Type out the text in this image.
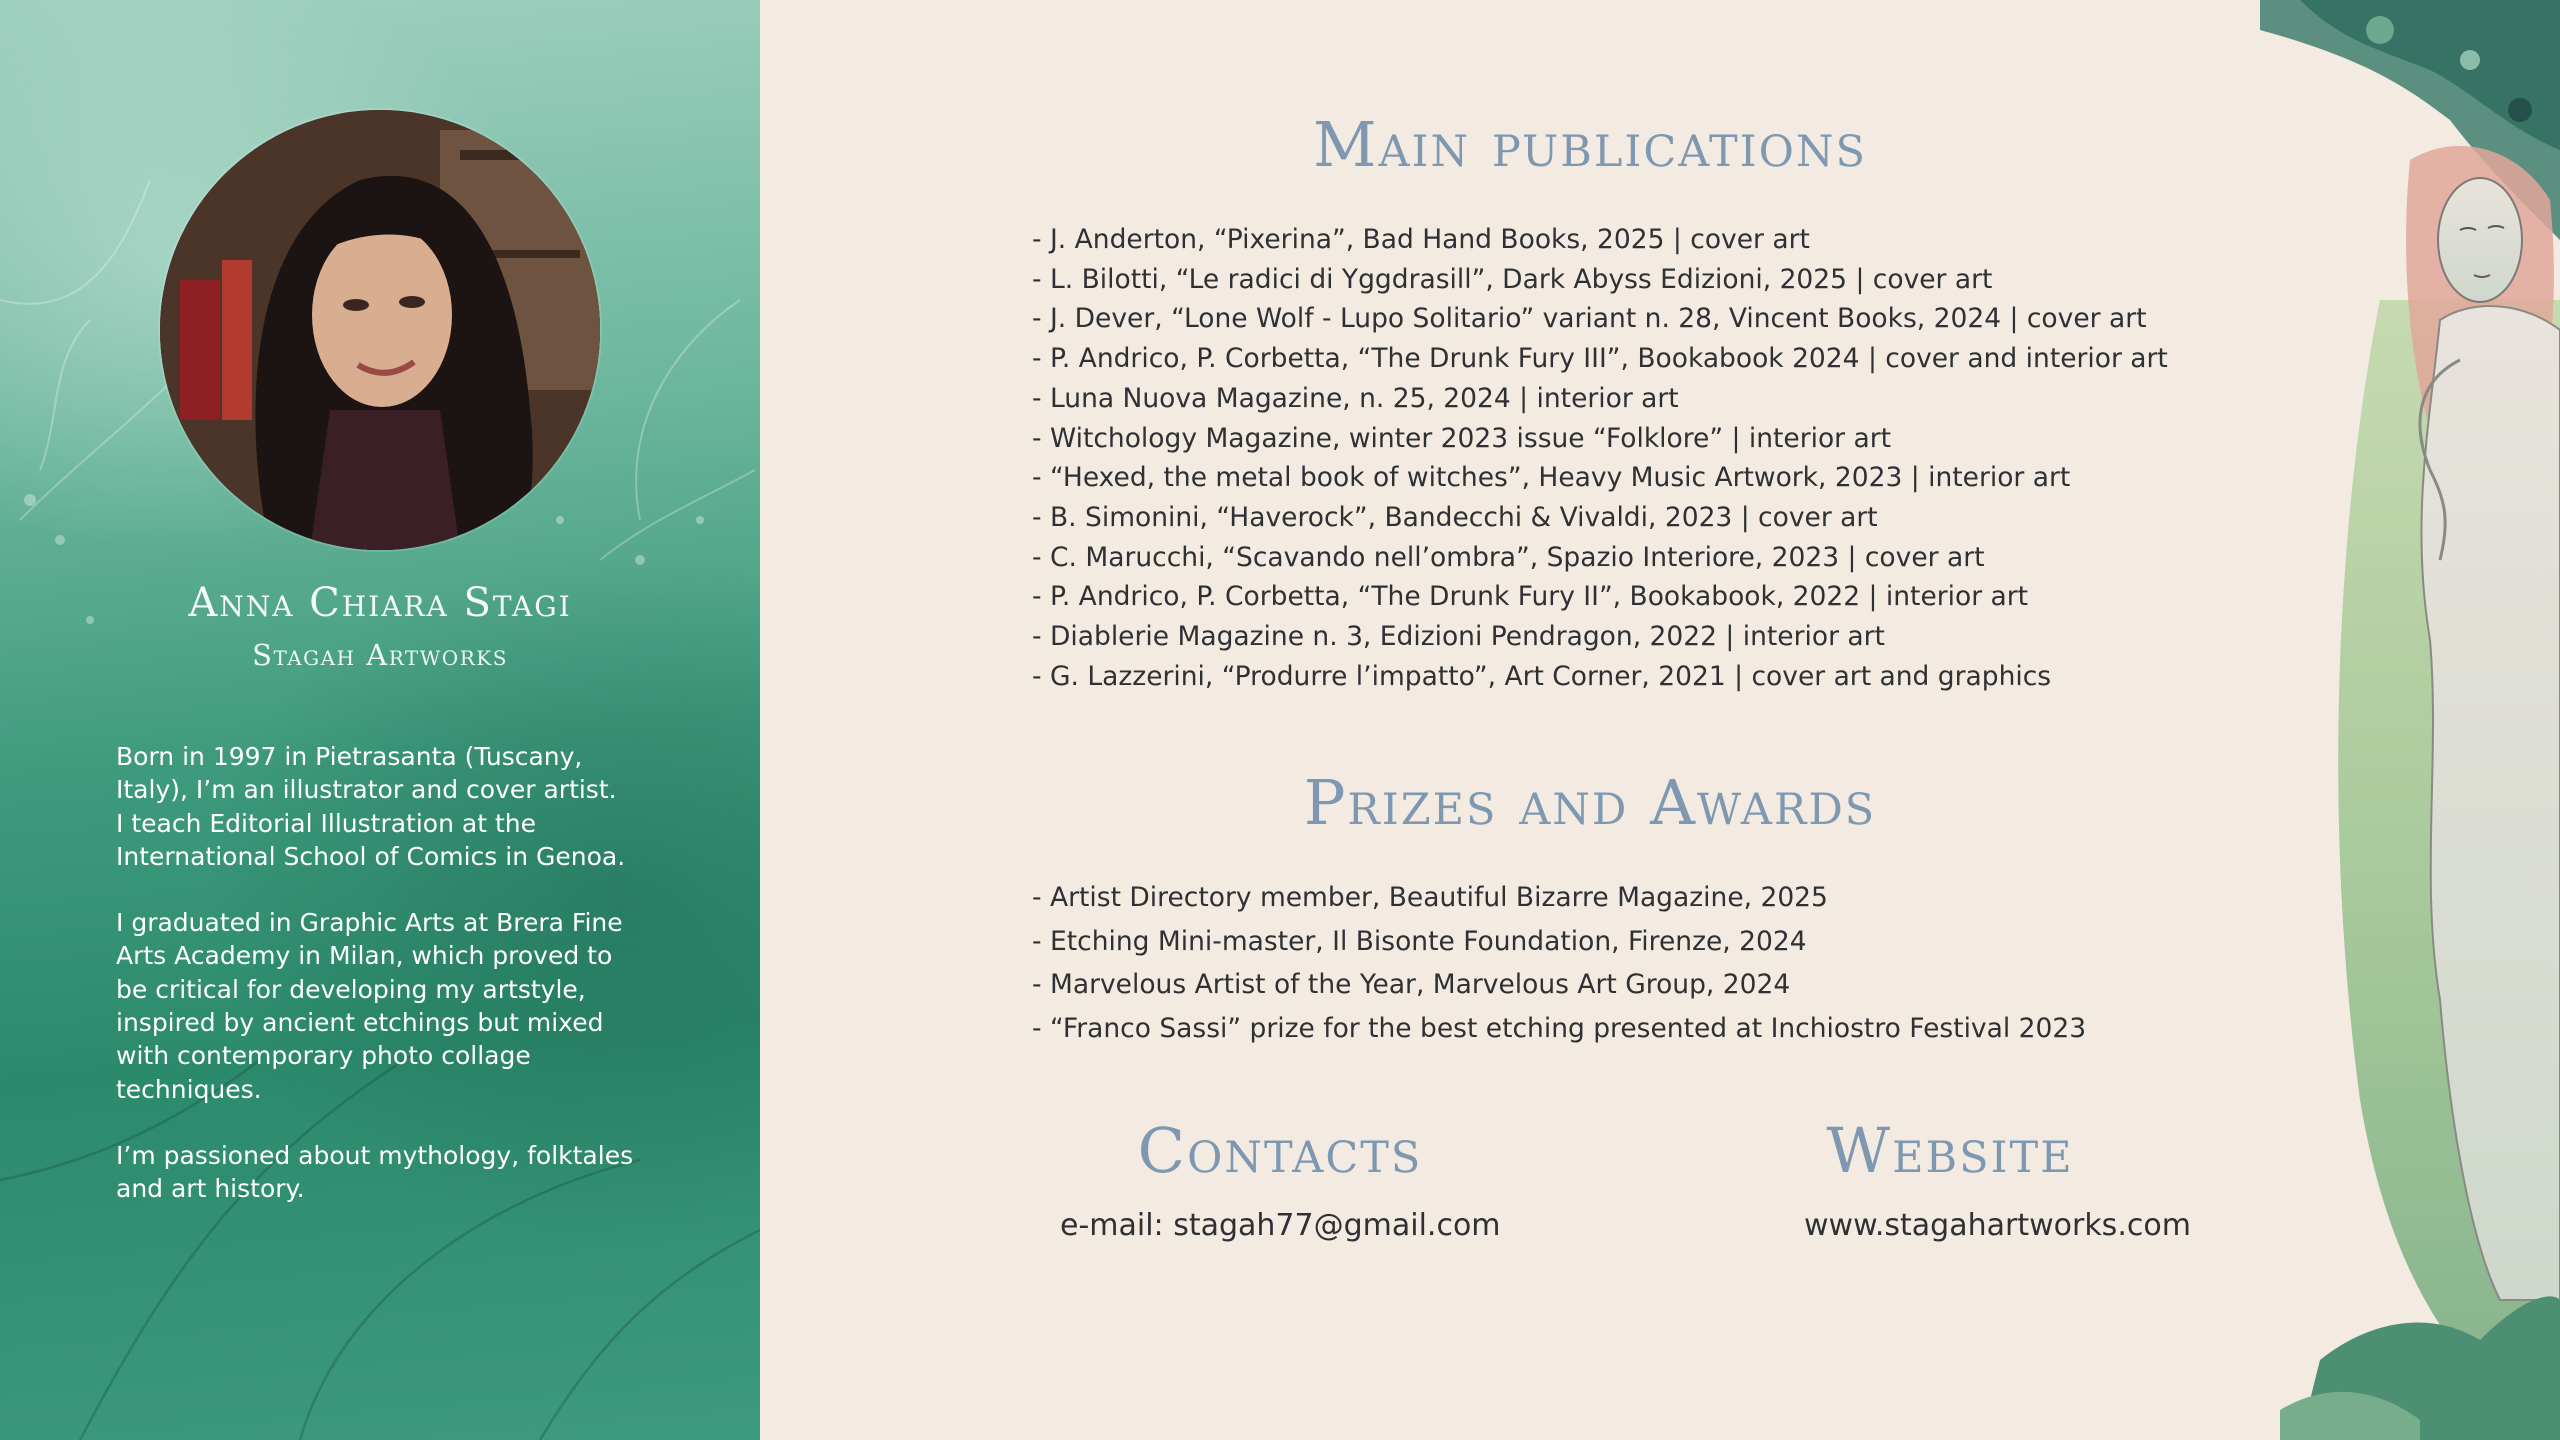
Anna Chiara Stagi
Stagah Artworks

Born in 1997 in Pietrasanta (Tuscany,
Italy), I’m an illustrator and cover artist.
I teach Editorial Illustration at the
International School of Comics in Genoa.

I graduated in Graphic Arts at Brera Fine
Arts Academy in Milan, which proved to
be critical for developing my artstyle,
inspired by ancient etchings but mixed
with contemporary photo collage
techniques.

I’m passioned about mythology, folktales
and art history.

Main publications
- J. Anderton, “Pixerina”, Bad Hand Books, 2025 | cover art
- L. Bilotti, “Le radici di Yggdrasill”, Dark Abyss Edizioni, 2025 | cover art
- J. Dever, “Lone Wolf - Lupo Solitario” variant n. 28, Vincent Books, 2024 | cover art
- P. Andrico, P. Corbetta, “The Drunk Fury III”, Bookabook 2024 | cover and interior art
- Luna Nuova Magazine, n. 25, 2024 | interior art
- Witchology Magazine, winter 2023 issue “Folklore” | interior art
- “Hexed, the metal book of witches”, Heavy Music Artwork, 2023 | interior art
- B. Simonini, “Haverock”, Bandecchi & Vivaldi, 2023 | cover art
- C. Marucchi, “Scavando nell’ombra”, Spazio Interiore, 2023 | cover art
- P. Andrico, P. Corbetta, “The Drunk Fury II”, Bookabook, 2022 | interior art
- Diablerie Magazine n. 3, Edizioni Pendragon, 2022 | interior art
- G. Lazzerini, “Produrre l’impatto”, Art Corner, 2021 | cover art and graphics
Prizes and Awards
- Artist Directory member, Beautiful Bizarre Magazine, 2025
- Etching Mini-master, Il Bisonte Foundation, Firenze, 2024
- Marvelous Artist of the Year, Marvelous Art Group, 2024
- “Franco Sassi” prize for the best etching presented at Inchiostro Festival 2023
Contacts
e-mail: stagah77@gmail.com
Website
www.stagahartworks.com
